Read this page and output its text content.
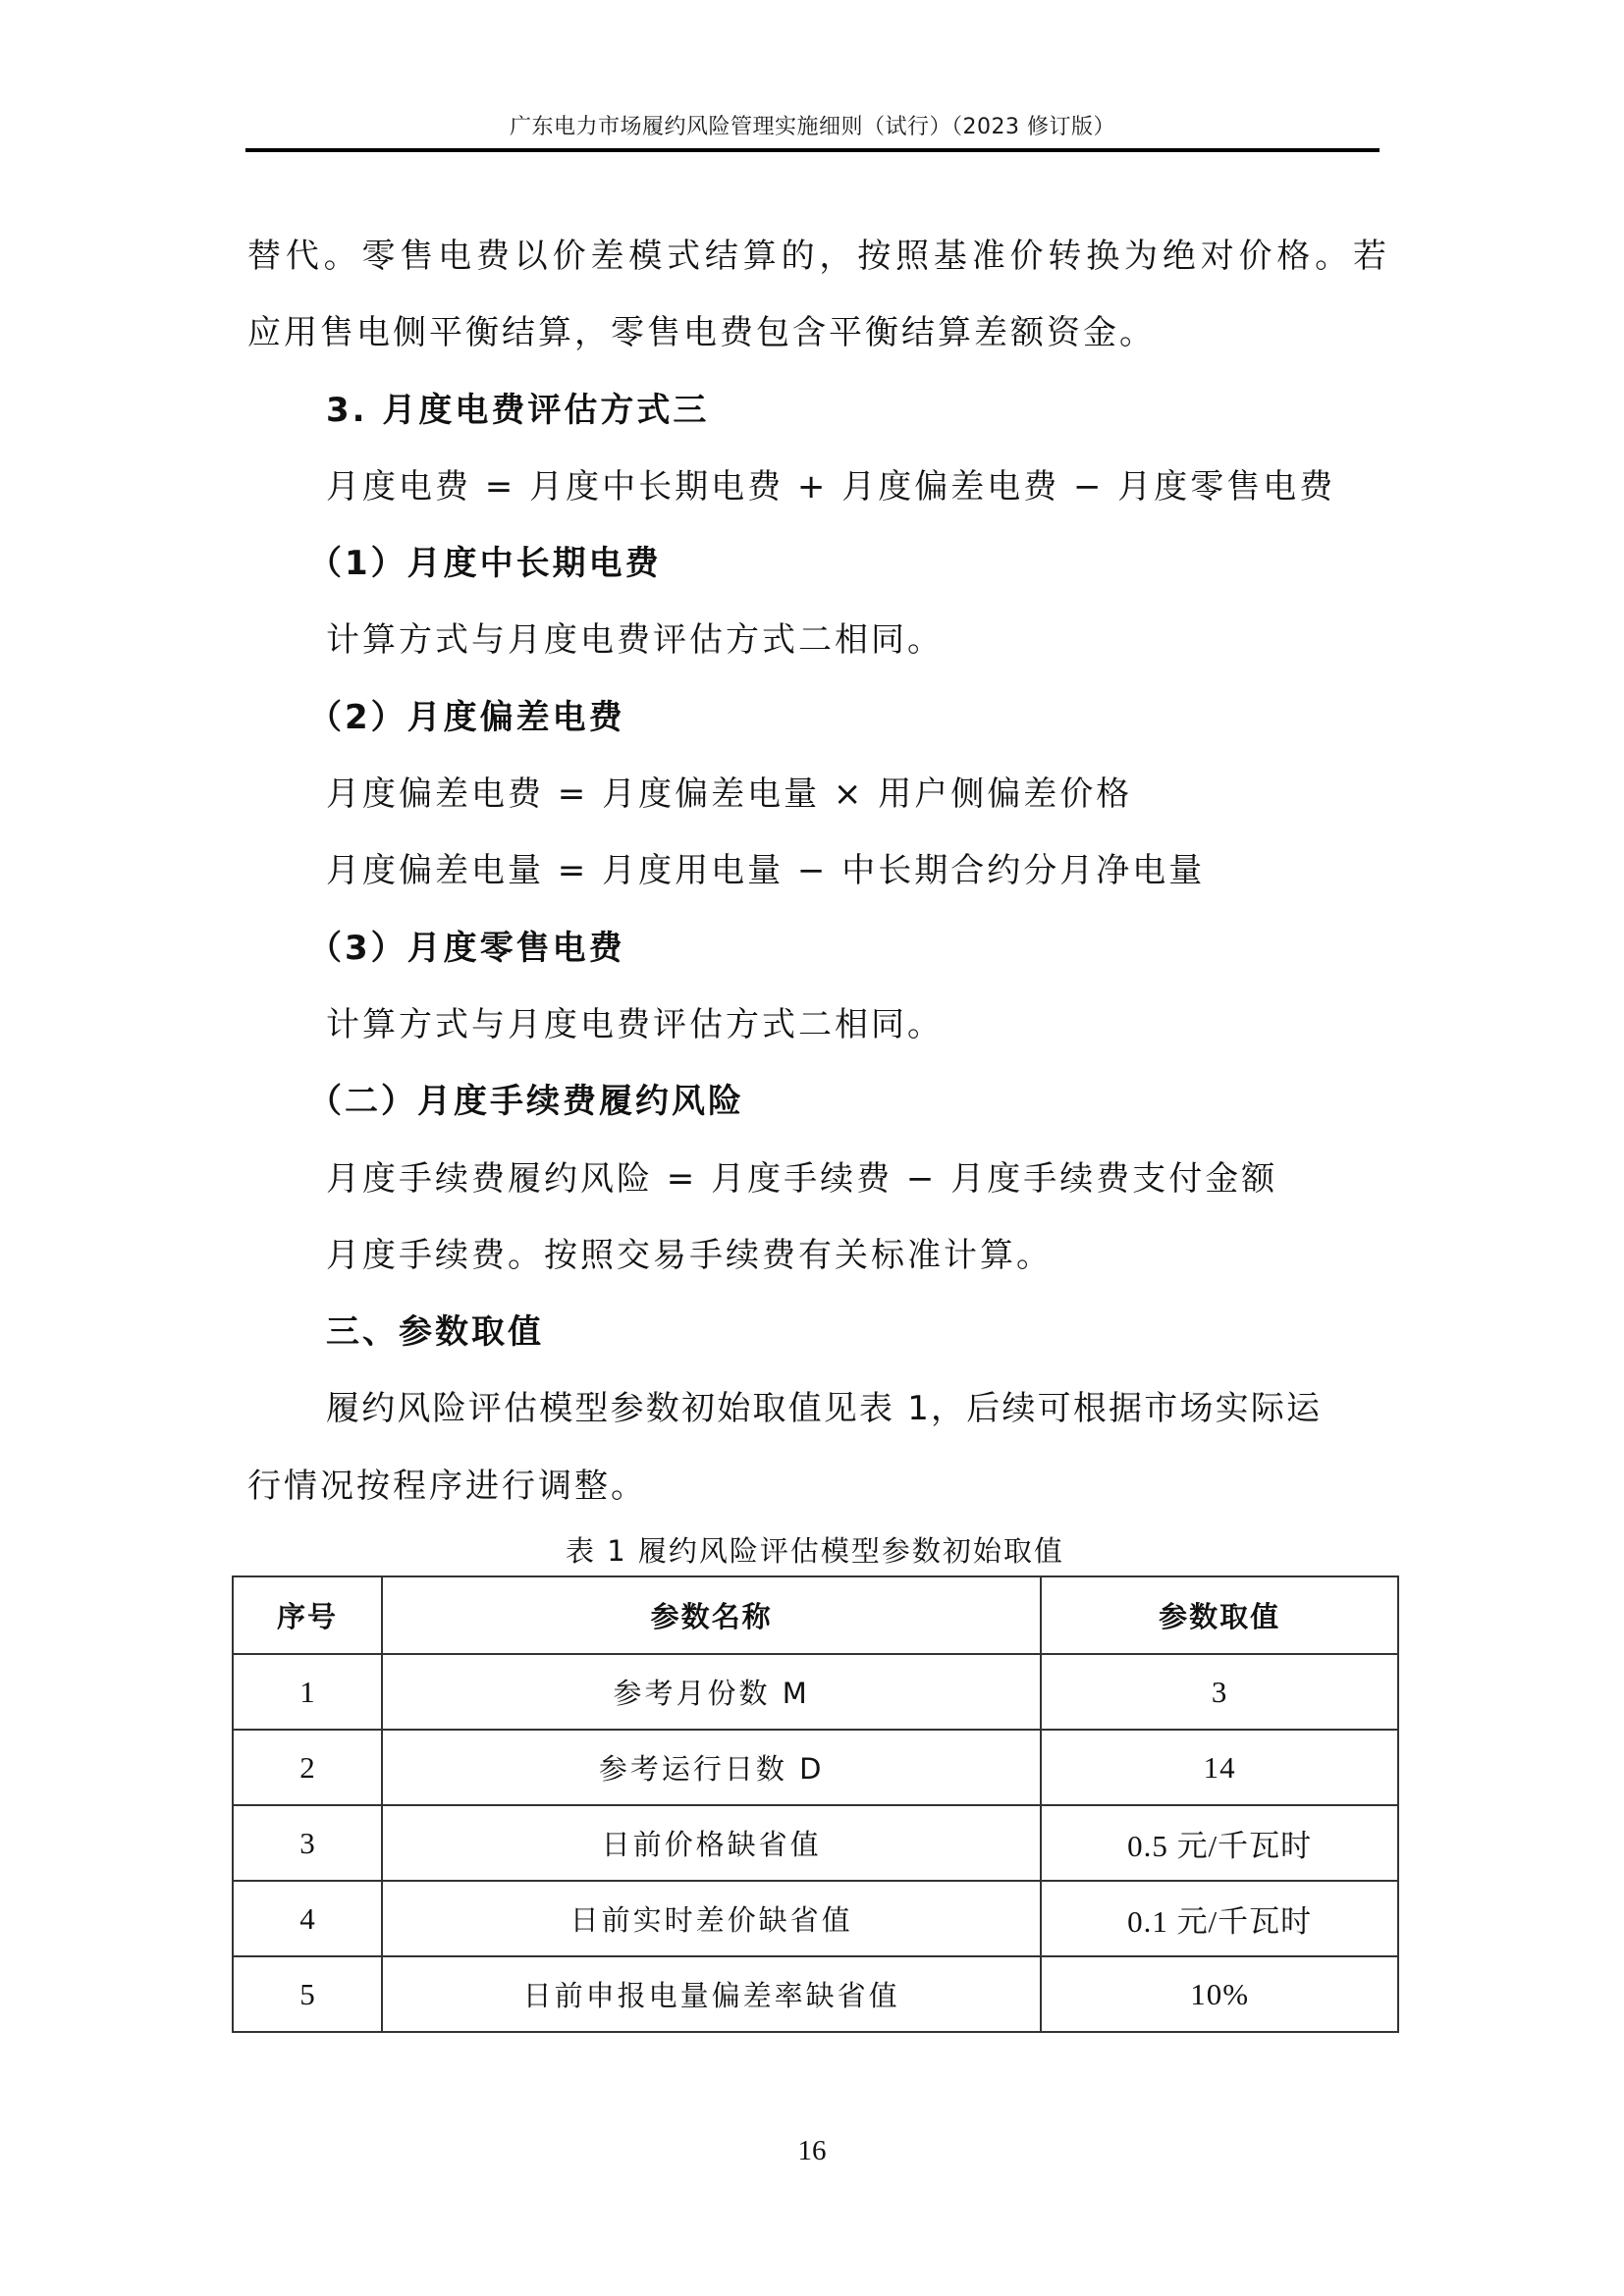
广东电力市场履约风险管理实施细则（试行）（2023 修订版）
替代。零售电费以价差模式结算的，按照基准价转换为绝对价格。若
应用售电侧平衡结算，零售电费包含平衡结算差额资金。
3. 月度电费评估方式三
月度电费 = 月度中长期电费 + 月度偏差电费 − 月度零售电费
（1）月度中长期电费
计算方式与月度电费评估方式二相同。
（2）月度偏差电费
月度偏差电费 = 月度偏差电量 × 用户侧偏差价格
月度偏差电量 = 月度用电量 − 中长期合约分月净电量
（3）月度零售电费
计算方式与月度电费评估方式二相同。
（二）月度手续费履约风险
月度手续费履约风险 = 月度手续费 − 月度手续费支付金额
月度手续费。按照交易手续费有关标准计算。
三、参数取值
履约风险评估模型参数初始取值见表 1，后续可根据市场实际运
行情况按程序进行调整。
表 1 履约风险评估模型参数初始取值
序号	参数名称	参数取值
1	参考月份数 M	3
2	参考运行日数 D	14
3	日前价格缺省值	0.5 元/千瓦时
4	日前实时差价缺省值	0.1 元/千瓦时
5	日前申报电量偏差率缺省值	10%
16
